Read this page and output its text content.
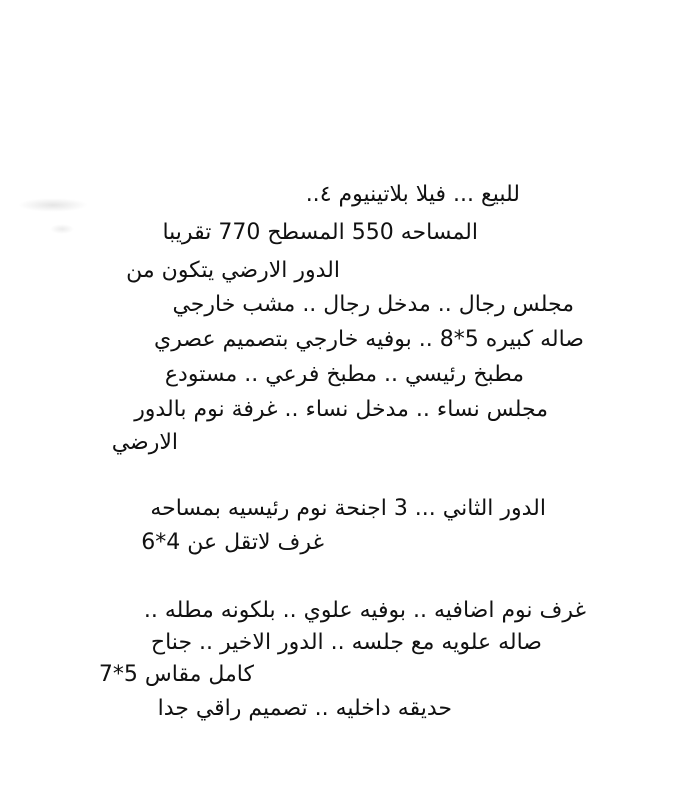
للبيع ... فيلا بلاتينيوم ٤..
المساحه 550 المسطح 770 تقريبا
الدور الارضي يتكون من
مجلس رجال .. مدخل رجال .. مشب خارجي
صاله كبيره 5*8 .. بوفيه خارجي بتصميم عصري
مطبخ رئيسي .. مطبخ فرعي .. مستودع
مجلس نساء .. مدخل نساء .. غرفة نوم بالدور
الارضي
الدور الثاني ... 3 اجنحة نوم رئيسيه بمساحه
غرف لاتقل عن 4*6
غرف نوم اضافيه .. بوفيه علوي .. بلكونه مطله ..
صاله علويه مع جلسه .. الدور الاخير .. جناح
كامل مقاس 5*7
حديقه داخليه .. تصميم راقي جدا
